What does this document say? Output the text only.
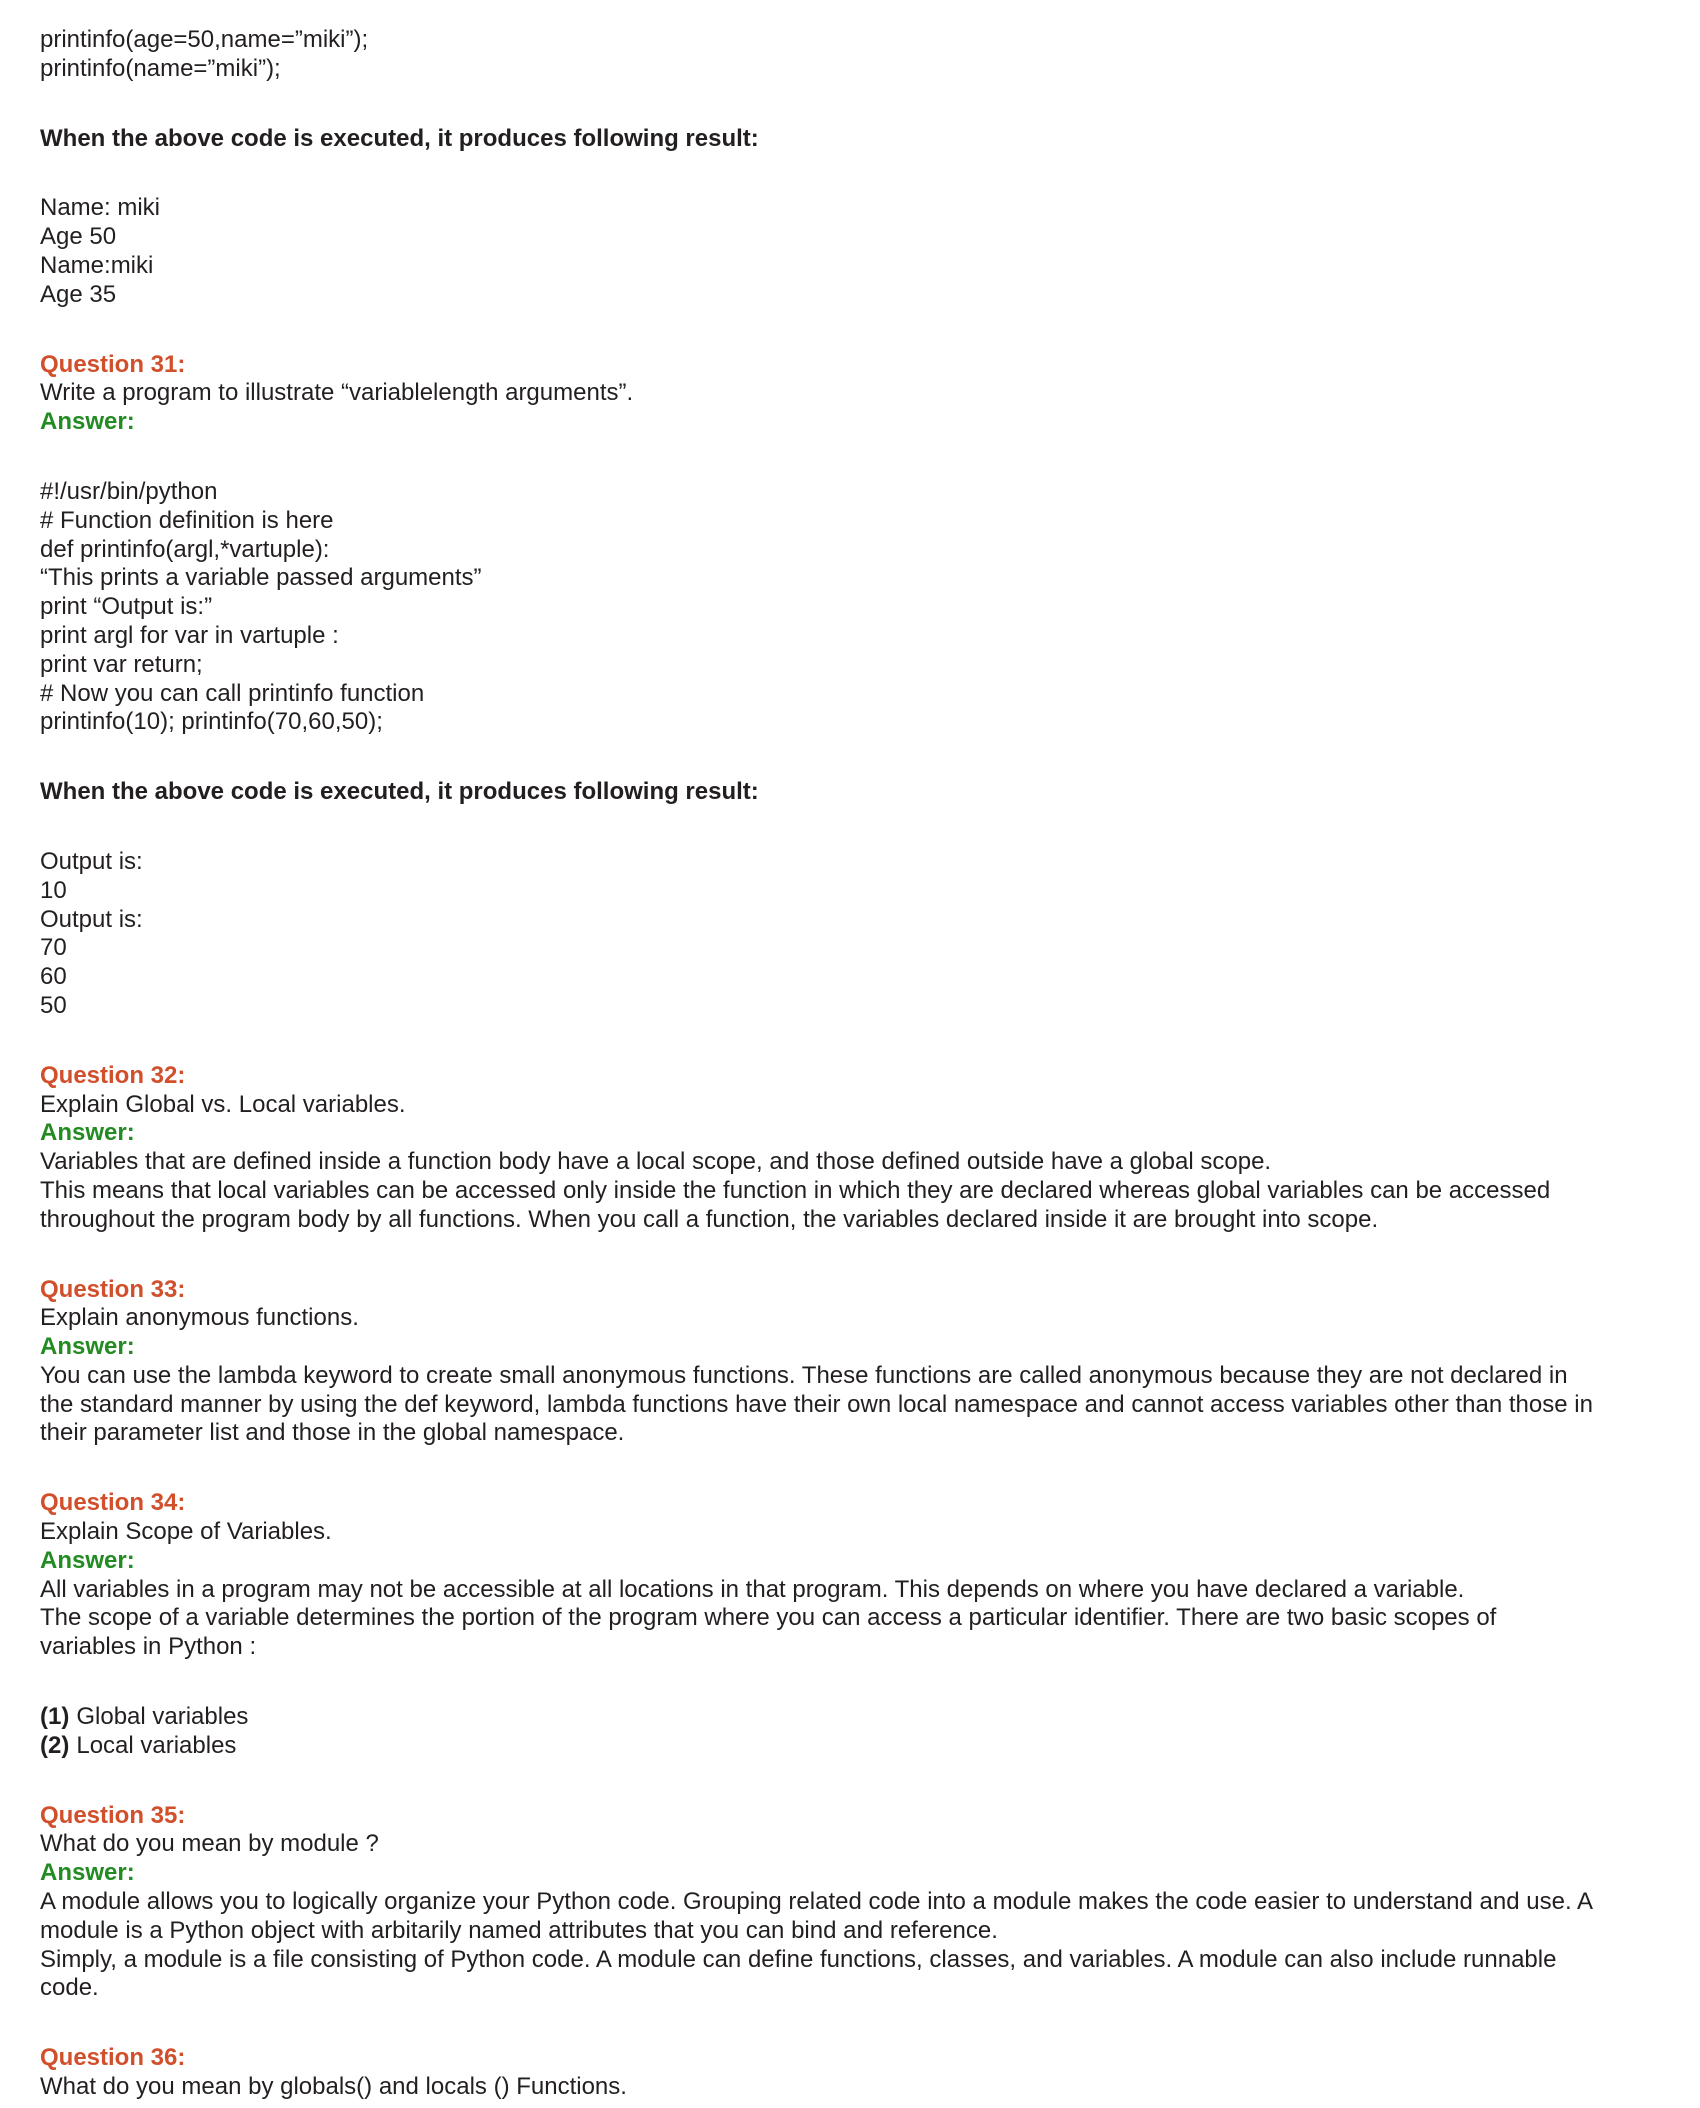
printinfo(age=50,name=”miki”);
printinfo(name=”miki”);
When the above code is executed, it produces following result:
Name: miki
Age 50
Name:miki
Age 35
Question 31:
Write a program to illustrate “variablelength arguments”.
Answer:
#!/usr/bin/python
# Function definition is here
def printinfo(argl,*vartuple):
“This prints a variable passed arguments”
print “Output is:”
print argl for var in vartuple :
print var return;
# Now you can call printinfo function
printinfo(10); printinfo(70,60,50);
When the above code is executed, it produces following result:
Output is:
10
Output is:
70
60
50
Question 32:
Explain Global vs. Local variables.
Answer:
Variables that are defined inside a function body have a local scope, and those defined outside have a global scope.
This means that local variables can be accessed only inside the function in which they are declared whereas global variables can be accessed
throughout the program body by all functions. When you call a function, the variables declared inside it are brought into scope.
Question 33:
Explain anonymous functions.
Answer:
You can use the lambda keyword to create small anonymous functions. These functions are called anonymous because they are not declared in
the standard manner by using the def keyword, lambda functions have their own local namespace and cannot access variables other than those in
their parameter list and those in the global namespace.
Question 34:
Explain Scope of Variables.
Answer:
All variables in a program may not be accessible at all locations in that program. This depends on where you have declared a variable.
The scope of a variable determines the portion of the program where you can access a particular identifier. There are two basic scopes of
variables in Python :
(1) Global variables
(2) Local variables
Question 35:
What do you mean by module ?
Answer:
A module allows you to logically organize your Python code. Grouping related code into a module makes the code easier to understand and use. A
module is a Python object with arbitarily named attributes that you can bind and reference.
Simply, a module is a file consisting of Python code. A module can define functions, classes, and variables. A module can also include runnable
code.
Question 36:
What do you mean by globals() and locals () Functions.
